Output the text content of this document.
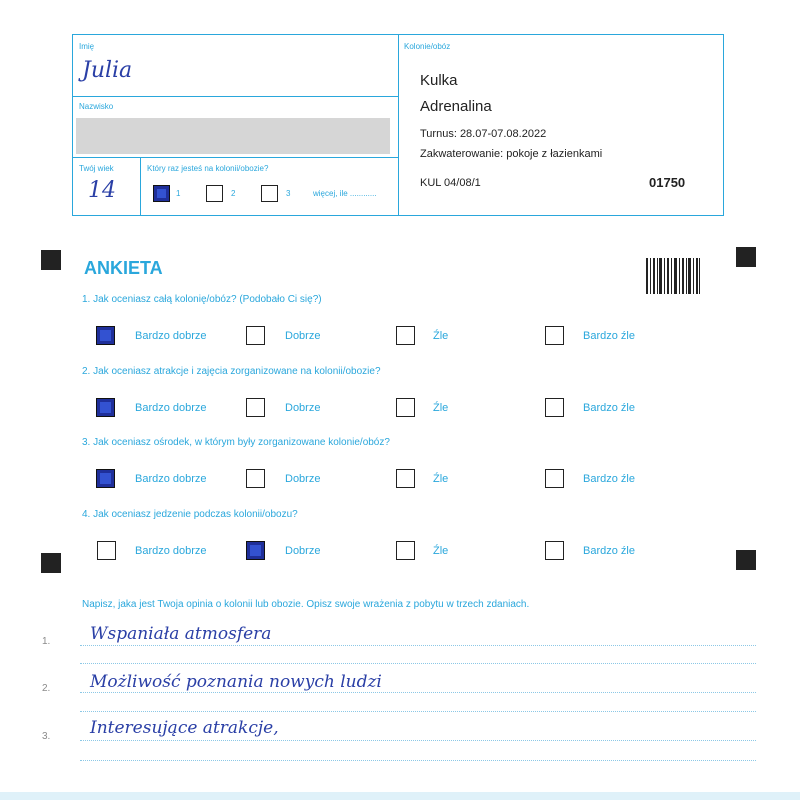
Imię
Julia
Nazwisko
Twój wiek
14
Który raz jesteś na kolonii/obozie?
1	2	3	więcej, ile ............
Kolonie/obóz
Kulka
Adrenalina
Turnus: 28.07-07.08.2022
Zakwaterowanie: pokoje z łazienkami
KUL 04/08/1	01750
ANKIETA
1. Jak oceniasz całą kolonię/obóz? (Podobało Ci się?)
2. Jak oceniasz atrakcje i zajęcia zorganizowane na kolonii/obozie?
3. Jak oceniasz ośrodek, w którym były zorganizowane kolonie/obóz?
4. Jak oceniasz jedzenie podczas kolonii/obozu?
Bardzo dobrze	Dobrze	Źle	Bardzo źle
Bardzo dobrze	Dobrze	Źle	Bardzo źle
Bardzo dobrze	Dobrze	Źle	Bardzo źle
Bardzo dobrze	Dobrze	Źle	Bardzo źle
Napisz, jaka jest Twoja opinia o kolonii lub obozie. Opisz swoje wrażenia z pobytu w trzech zdaniach.
1. Wspaniała atmosfera
2. Możliwość poznania nowych ludzi
3. Interesujące atrakcje,
